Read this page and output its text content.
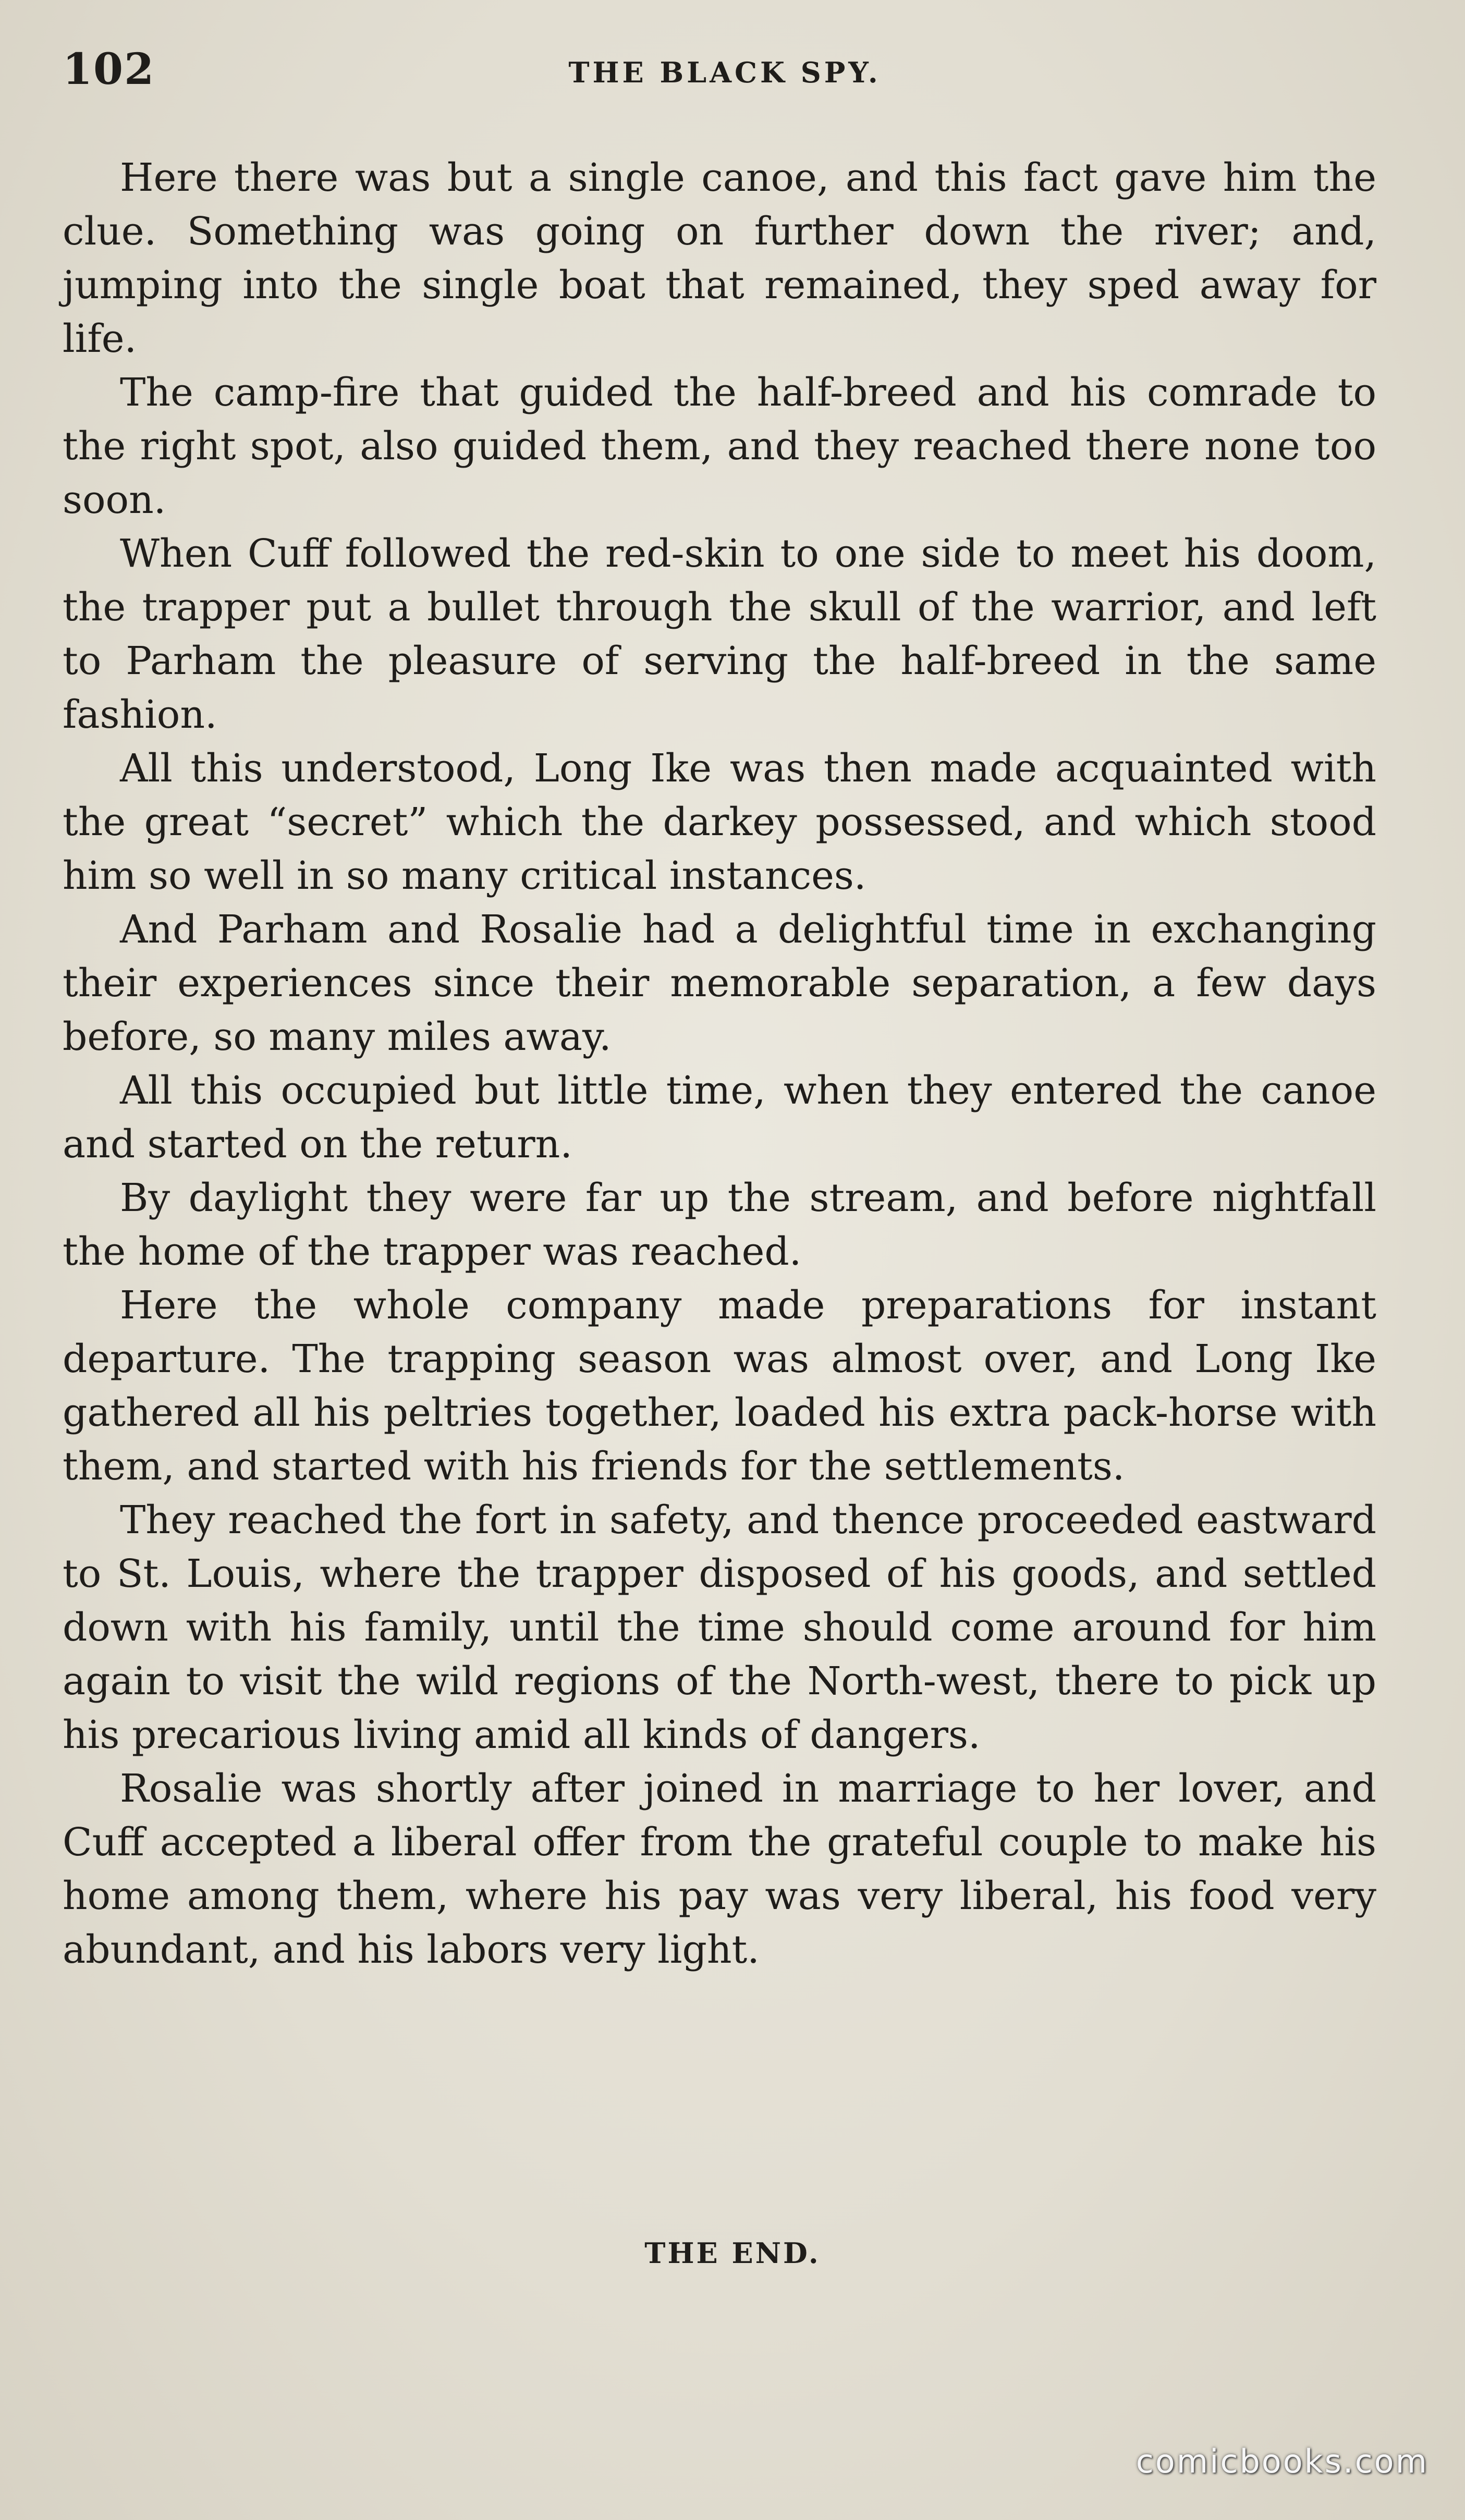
102	THE BLACK SPY.

Here there was but a single canoe, and this fact gave him the clue. Something was going on further down the river; and, jumping into the single boat that remained, they sped away for life.

The camp-fire that guided the half-breed and his comrade to the right spot, also guided them, and they reached there none too soon.

When Cuff followed the red-skin to one side to meet his doom, the trapper put a bullet through the skull of the warrior, and left to Parham the pleasure of serving the half-breed in the same fashion.

All this understood, Long Ike was then made acquainted with the great “secret” which the darkey possessed, and which stood him so well in so many critical instances.

And Parham and Rosalie had a delightful time in exchanging their experiences since their memorable separation, a few days before, so many miles away.

All this occupied but little time, when they entered the canoe and started on the return.

By daylight they were far up the stream, and before nightfall the home of the trapper was reached.

Here the whole company made preparations for instant departure. The trapping season was almost over, and Long Ike gathered all his peltries together, loaded his extra pack-horse with them, and started with his friends for the settlements.

They reached the fort in safety, and thence proceeded eastward to St. Louis, where the trapper disposed of his goods, and settled down with his family, until the time should come around for him again to visit the wild regions of the North-west, there to pick up his precarious living amid all kinds of dangers.

Rosalie was shortly after joined in marriage to her lover, and Cuff accepted a liberal offer from the grateful couple to make his home among them, where his pay was very liberal, his food very abundant, and his labors very light.

THE END.
comicbooks.com
